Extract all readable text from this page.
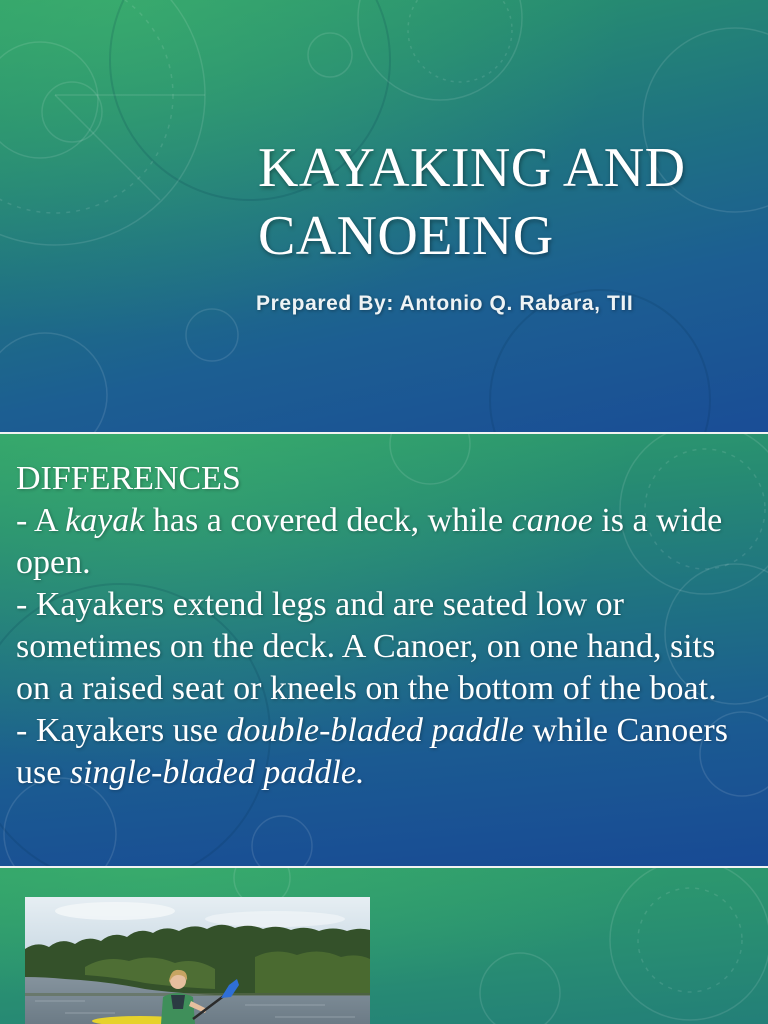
KAYAKING AND
CANOEING
Prepared By: Antonio Q. Rabara, TII
DIFFERENCES
- A kayak has a covered deck, while canoe is a wide
open.
- Kayakers extend legs and are seated low or
sometimes on the deck. A Canoer, on one hand, sits
on a raised seat or kneels on the bottom of the boat.
- Kayakers use double-bladed paddle while Canoers
use single-bladed paddle.
